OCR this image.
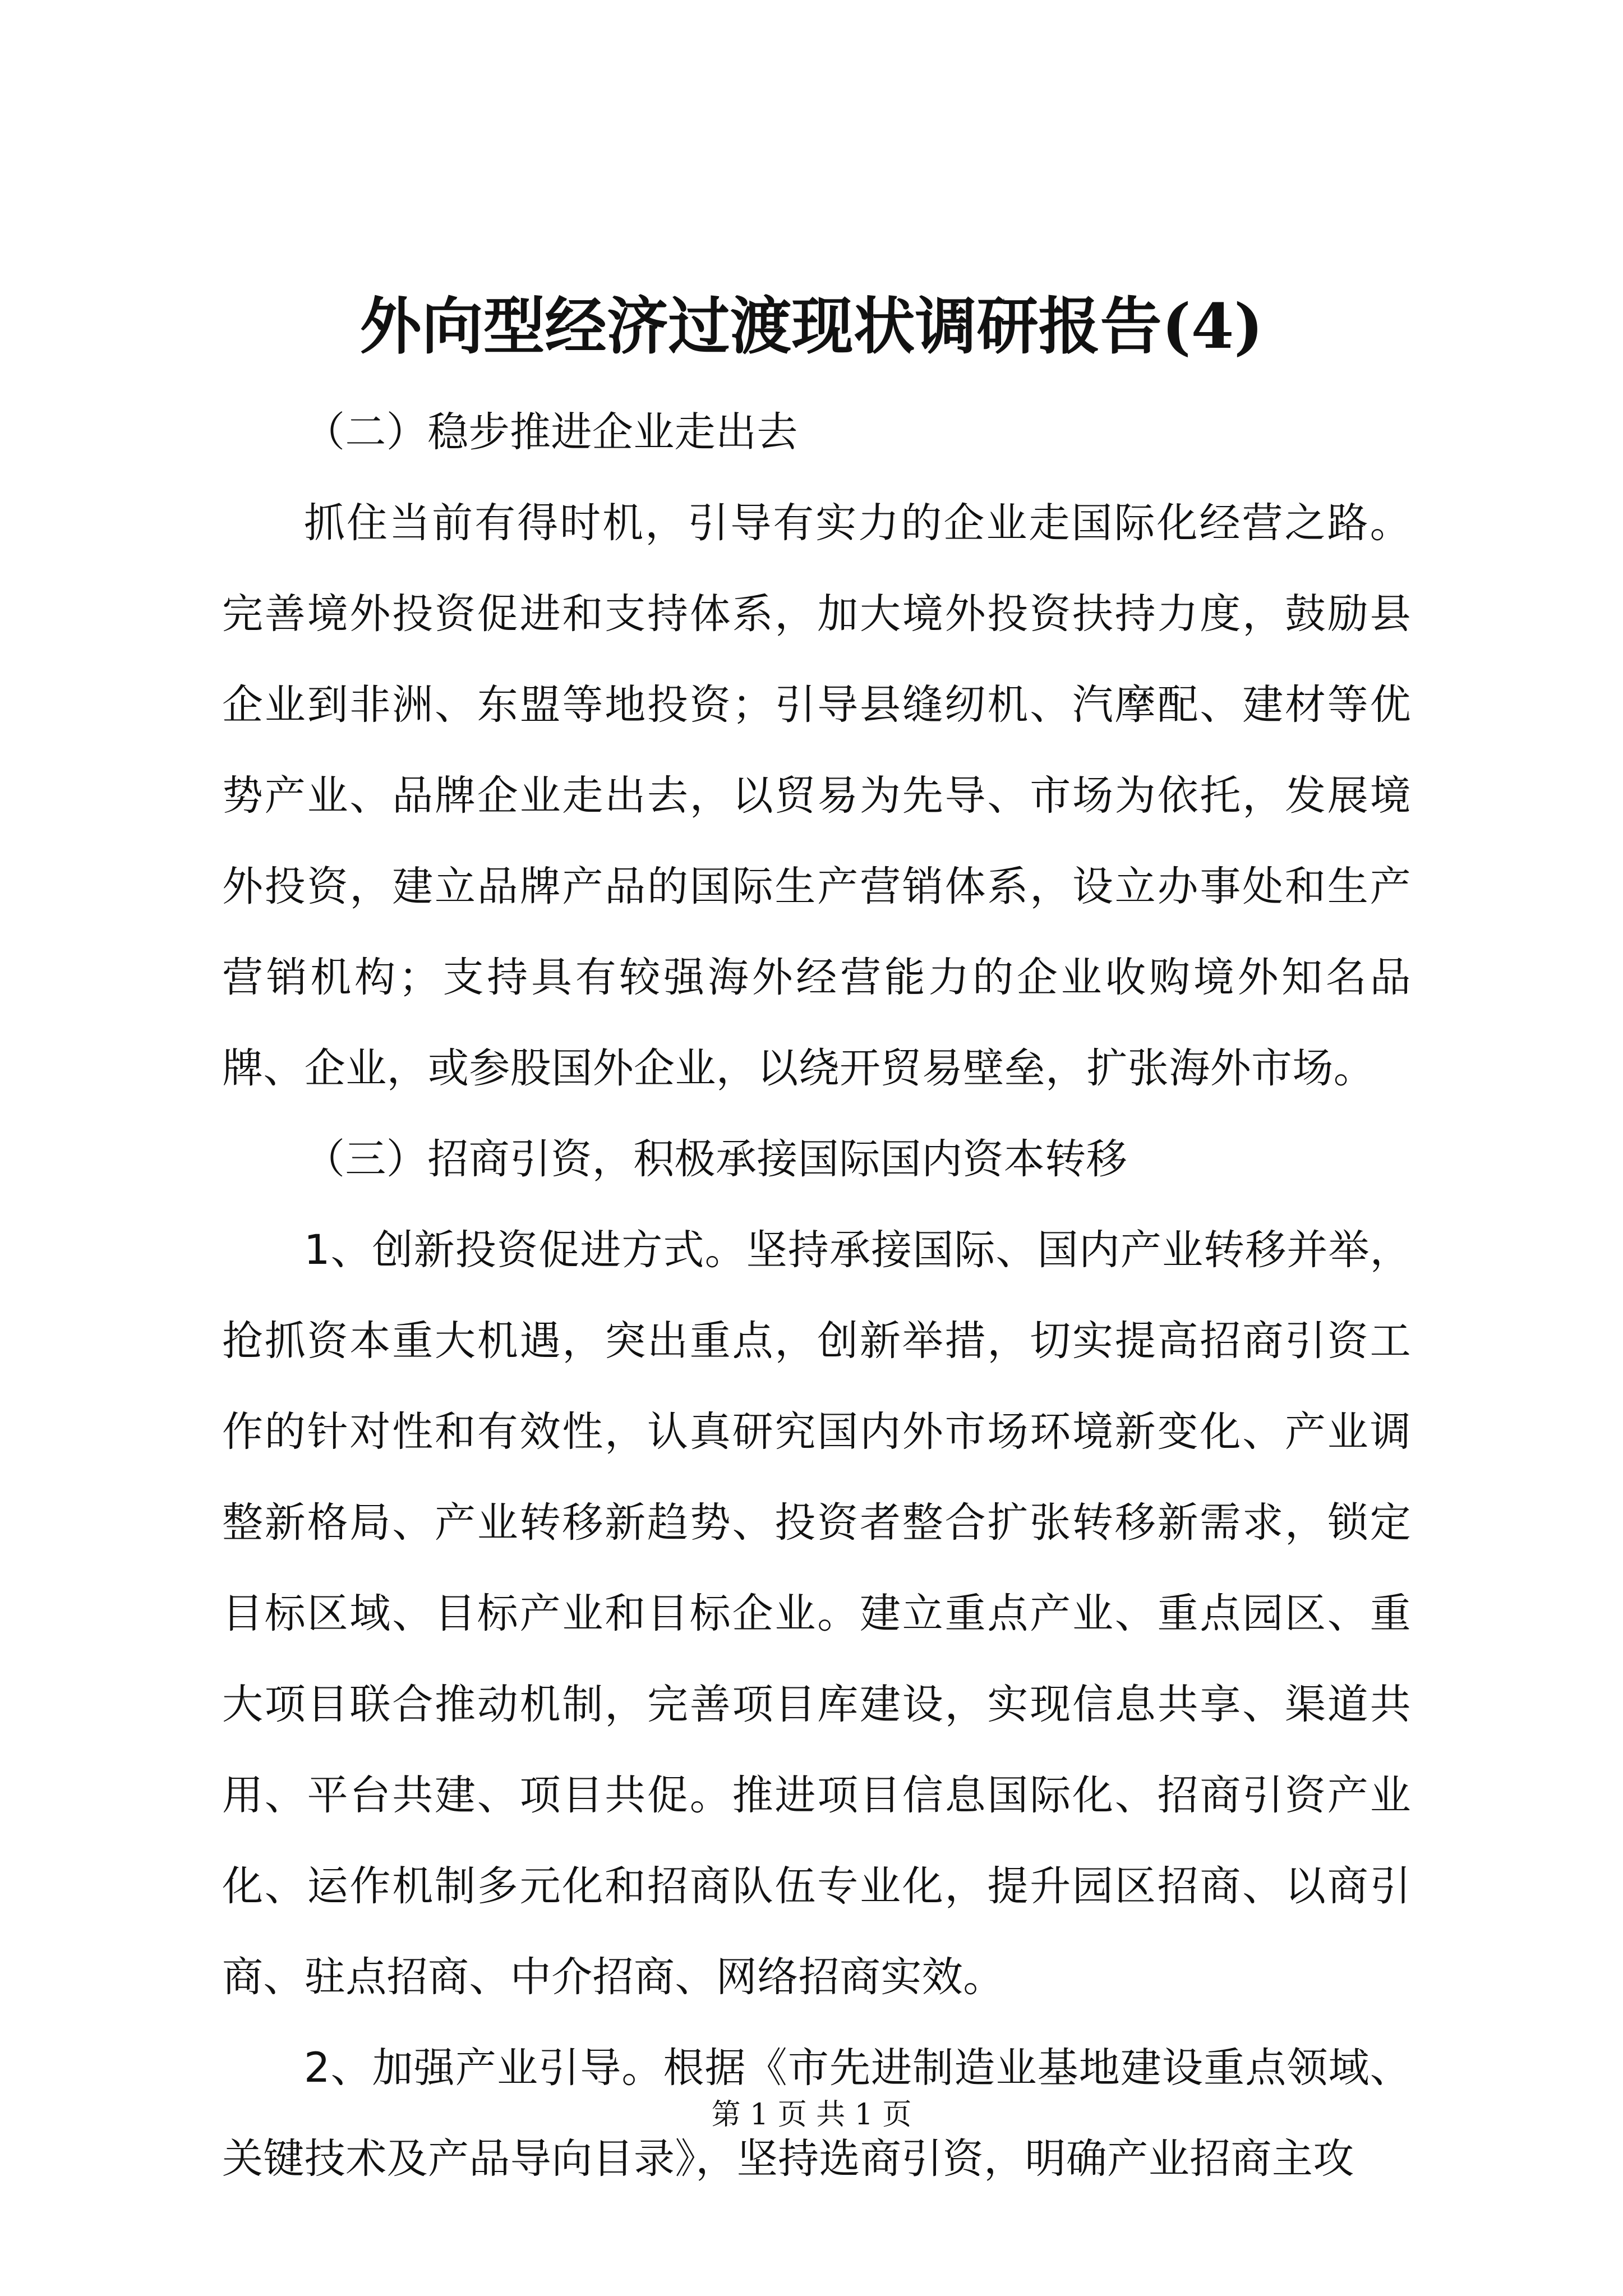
外向型经济过渡现状调研报告(4)

（二）稳步推进企业走出去

抓住当前有得时机，引导有实力的企业走国际化经营之路。完善境外投资促进和支持体系，加大境外投资扶持力度，鼓励县企业到非洲、东盟等地投资；引导县缝纫机、汽摩配、建材等优势产业、品牌企业走出去，以贸易为先导、市场为依托，发展境外投资，建立品牌产品的国际生产营销体系，设立办事处和生产营销机构；支持具有较强海外经营能力的企业收购境外知名品牌、企业，或参股国外企业，以绕开贸易壁垒，扩张海外市场。

（三）招商引资，积极承接国际国内资本转移

1、创新投资促进方式。坚持承接国际、国内产业转移并举，抢抓资本重大机遇，突出重点，创新举措，切实提高招商引资工作的针对性和有效性，认真研究国内外市场环境新变化、产业调整新格局、产业转移新趋势、投资者整合扩张转移新需求，锁定目标区域、目标产业和目标企业。建立重点产业、重点园区、重大项目联合推动机制，完善项目库建设，实现信息共享、渠道共用、平台共建、项目共促。推进项目信息国际化、招商引资产业化、运作机制多元化和招商队伍专业化，提升园区招商、以商引商、驻点招商、中介招商、网络招商实效。

2、加强产业引导。根据《市先进制造业基地建设重点领域、关键技术及产品导向目录》，坚持选商引资，明确产业招商主攻

第 1 页 共 1 页
